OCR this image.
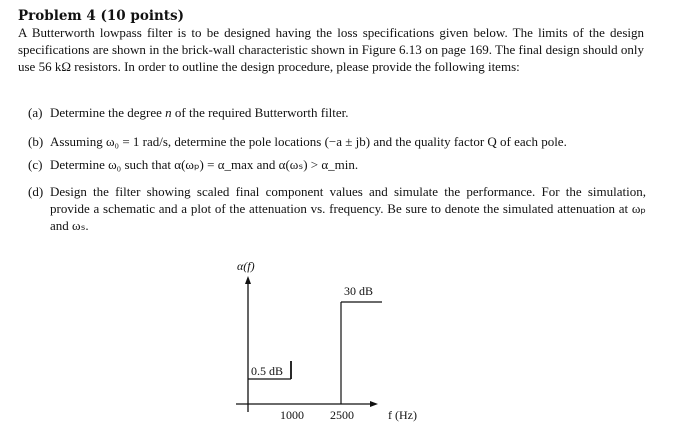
Problem 4 (10 points)
A Butterworth lowpass filter is to be designed having the loss specifications given below. The limits of the design specifications are shown in the brick-wall characteristic shown in Figure 6.13 on page 169. The final design should only use 56 kΩ resistors. In order to outline the design procedure, please provide the following items:
(a) Determine the degree n of the required Butterworth filter.
(b) Assuming ω₀ = 1 rad/s, determine the pole locations (−a ± jb) and the quality factor Q of each pole.
(c) Determine ω₀ such that α(ωₚ) = α_max and α(ωₛ) > α_min.
(d) Design the filter showing scaled final component values and simulate the performance. For the simulation, provide a schematic and a plot of the attenuation vs. frequency. Be sure to denote the simulated attenuation at ωₚ and ωₛ.
α(f)
0.5 dB
30 dB
1000 2500	f (Hz)
